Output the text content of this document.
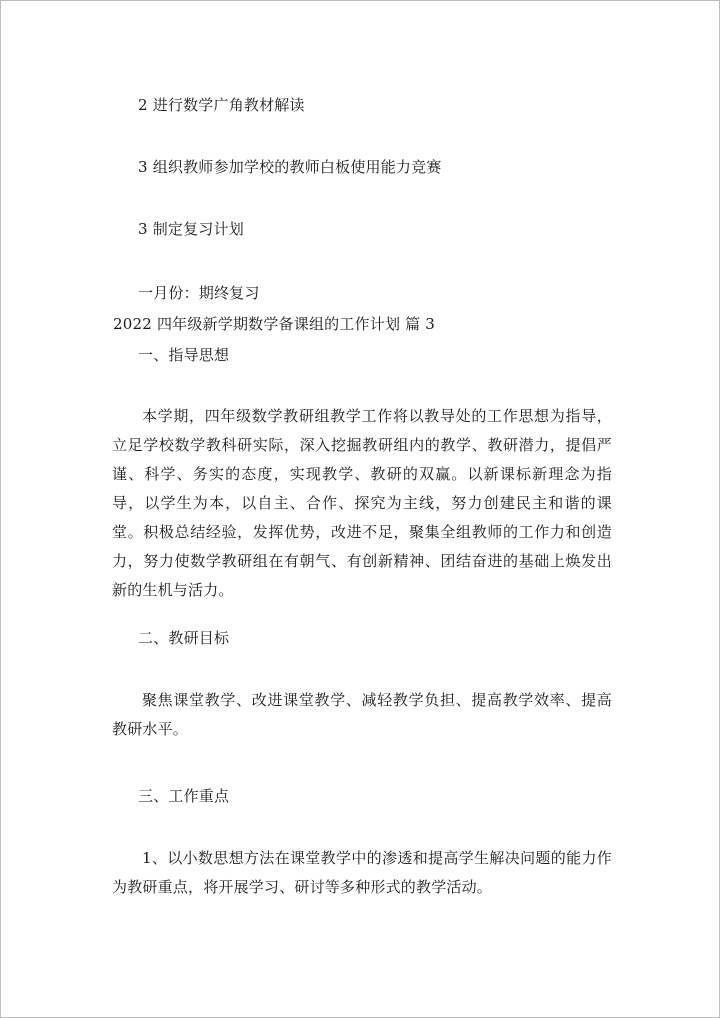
2 进行数学广角教材解读
3 组织教师参加学校的教师白板使用能力竞赛
3 制定复习计划
一月份：期终复习
2022 四年级新学期数学备课组的工作计划 篇 3
一、指导思想
本学期，四年级数学教研组教学工作将以教导处的工作思想为指导，立足学校数学教科研实际，深入挖掘教研组内的教学、教研潜力，提倡严谨、科学、务实的态度，实现教学、教研的双赢。以新课标新理念为指导，以学生为本，以自主、合作、探究为主线，努力创建民主和谐的课堂。积极总结经验，发挥优势，改进不足，聚集全组教师的工作力和创造力，努力使数学教研组在有朝气、有创新精神、团结奋进的基础上焕发出新的生机与活力。
二、教研目标
聚焦课堂教学、改进课堂教学、减轻教学负担、提高教学效率、提高教研水平。
三、工作重点
1、以小数思想方法在课堂教学中的渗透和提高学生解决问题的能力作为教研重点，将开展学习、研讨等多种形式的教学活动。
